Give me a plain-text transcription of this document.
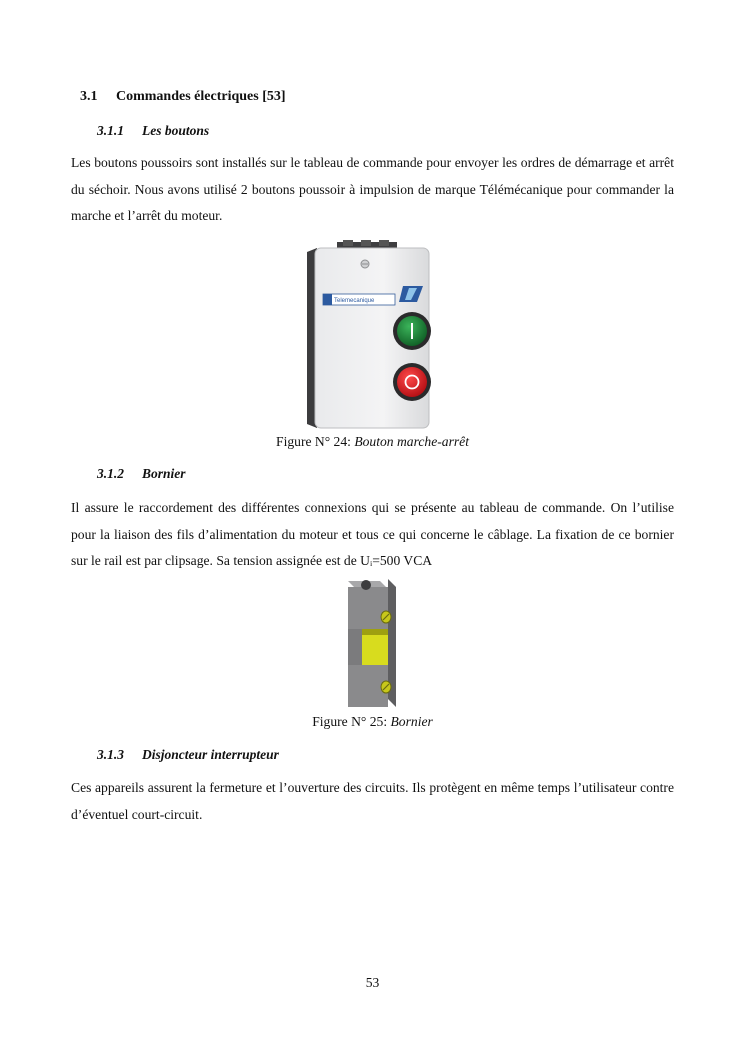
3.1 Commandes électriques [53]
3.1.1 Les boutons
Les boutons poussoirs sont installés sur le tableau de commande pour envoyer les ordres de démarrage et arrêt du séchoir. Nous avons utilisé 2 boutons poussoir à impulsion de marque Télémécanique pour commander la marche et l’arrêt du moteur.
Telemecanique
Figure N° 24: Bouton marche-arrêt
3.1.2 Bornier
Il assure le raccordement des différentes connexions qui se présente au tableau de commande. On l’utilise pour la liaison des fils d’alimentation du moteur et tous ce qui concerne le câblage. La fixation de ce bornier sur le rail est par clipsage. Sa tension assignée est de Uᵢ=500 VCA
Figure N° 25: Bornier
3.1.3 Disjoncteur interrupteur
Ces appareils assurent la fermeture et l’ouverture des circuits. Ils protègent en même temps l’utilisateur contre d’éventuel court-circuit.
53
